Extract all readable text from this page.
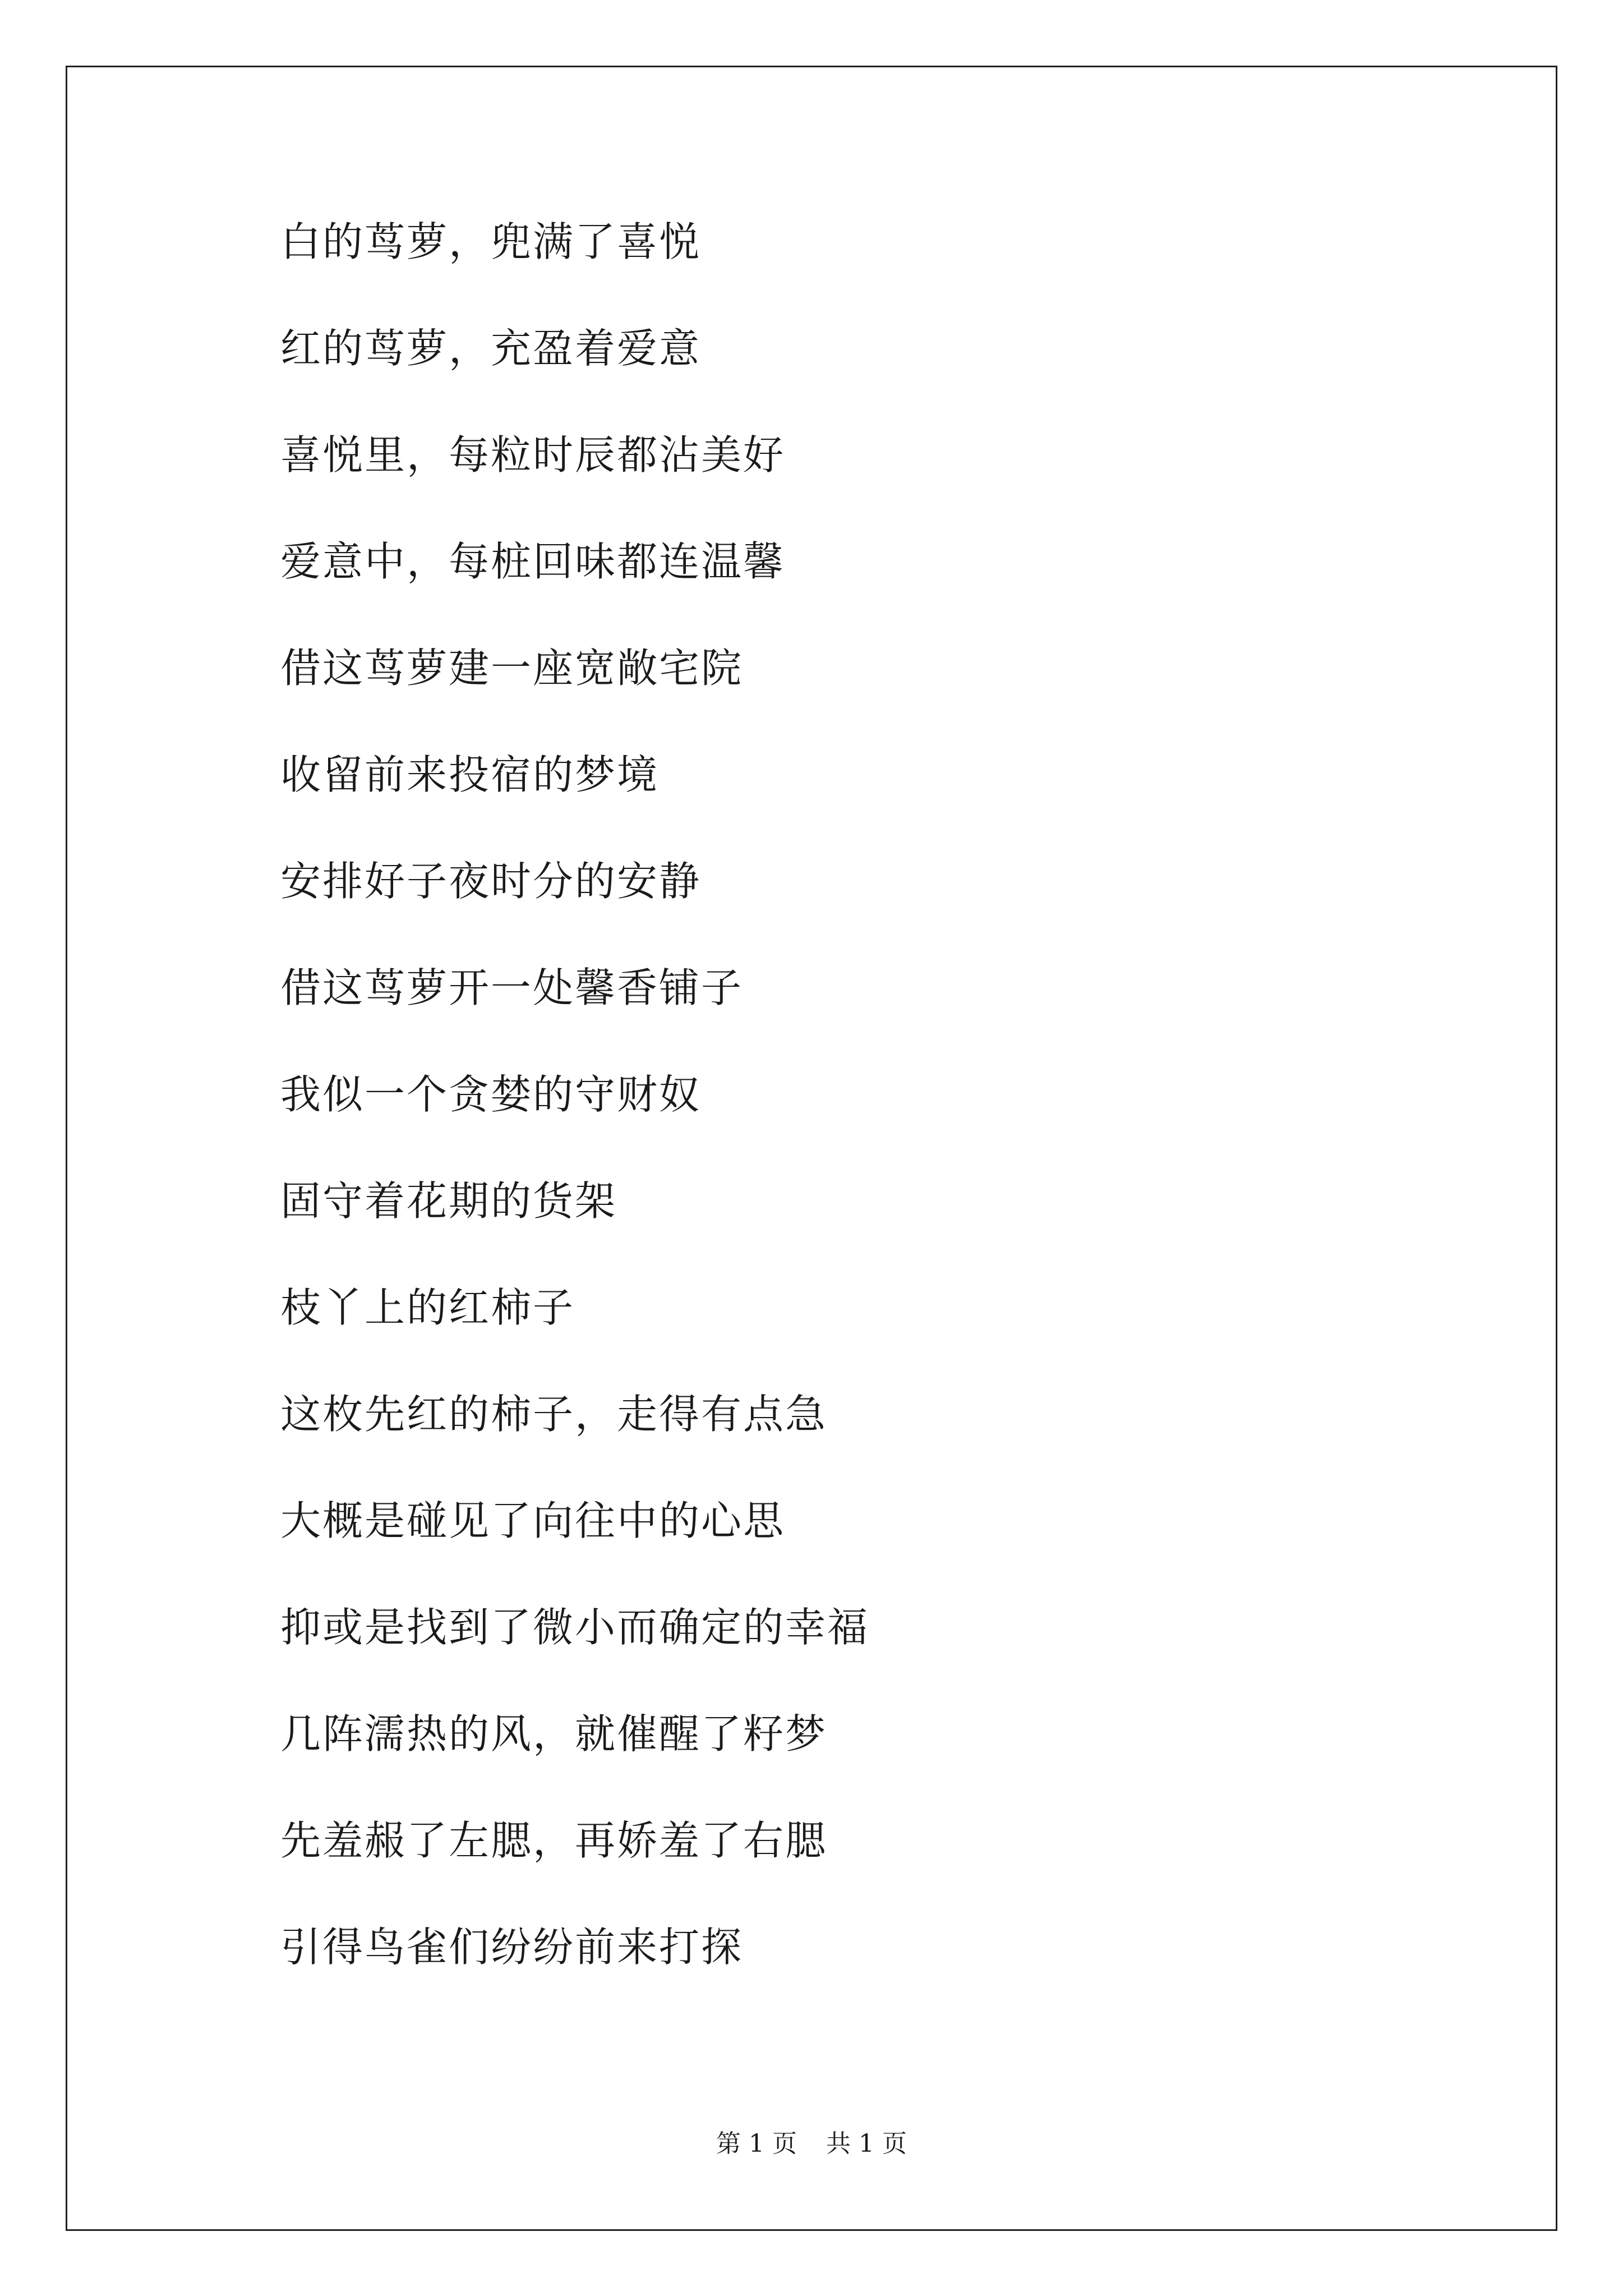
白的茑萝，兜满了喜悦
红的茑萝，充盈着爱意
喜悦里，每粒时辰都沾美好
爱意中，每桩回味都连温馨
借这茑萝建一座宽敞宅院
收留前来投宿的梦境
安排好子夜时分的安静
借这茑萝开一处馨香铺子
我似一个贪婪的守财奴
固守着花期的货架
枝丫上的红柿子
这枚先红的柿子，走得有点急
大概是碰见了向往中的心思
抑或是找到了微小而确定的幸福
几阵濡热的风，就催醒了籽梦
先羞赧了左腮，再娇羞了右腮
引得鸟雀们纷纷前来打探
第 1 页 共 1 页
